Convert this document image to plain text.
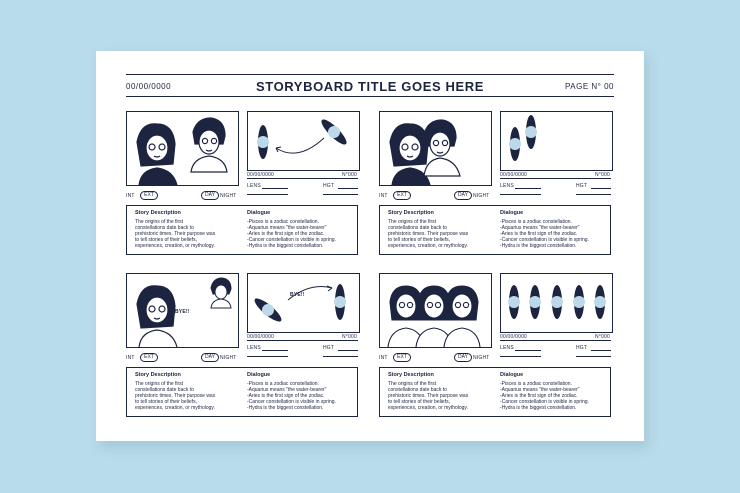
00/00/0000	STORYBOARD TITLE GOES HERE	PAGE N° 00
00/00/0000	N°000
LENS	HGT
INT	EXT	DAY	NIGHT
Story Description
The origins of the first
constellations date back to
prehistoric times. Their purpose was
to tell stories of their beliefs,
experiences, creation, or mythology.
Dialogue
-Pisces is a zodiac constellation.
-Aquarius means "the water-bearer"
-Aries is the first sign of the zodiac.
-Cancer constellation is visible in spring.
-Hydra is the biggest constellation.
00/00/0000	N°000
LENS	HGT
INT	EXT	DAY	NIGHT
Story Description
The origins of the first
constellations date back to
prehistoric times. Their purpose was
to tell stories of their beliefs,
experiences, creation, or mythology.
Dialogue
-Pisces is a zodiac constellation.
-Aquarius means "the water-bearer"
-Aries is the first sign of the zodiac.
-Cancer constellation is visible in spring.
-Hydra is the biggest constellation.
BYE!!
BYE!!
00/00/0000	N°000
LENS	HGT
INT	EXT	DAY	NIGHT
Story Description
The origins of the first
constellations date back to
prehistoric times. Their purpose was
to tell stories of their beliefs,
experiences, creation, or mythology.
Dialogue
-Pisces is a zodiac constellation.
-Aquarius means "the water-bearer"
-Aries is the first sign of the zodiac.
-Cancer constellation is visible in spring.
-Hydra is the biggest constellation.
00/00/0000	N°000
LENS	HGT
INT	EXT	DAY	NIGHT
Story Description
The origins of the first
constellations date back to
prehistoric times. Their purpose was
to tell stories of their beliefs,
experiences, creation, or mythology.
Dialogue
-Pisces is a zodiac constellation.
-Aquarius means "the water-bearer"
-Aries is the first sign of the zodiac.
-Cancer constellation is visible in spring.
-Hydra is the biggest constellation.
